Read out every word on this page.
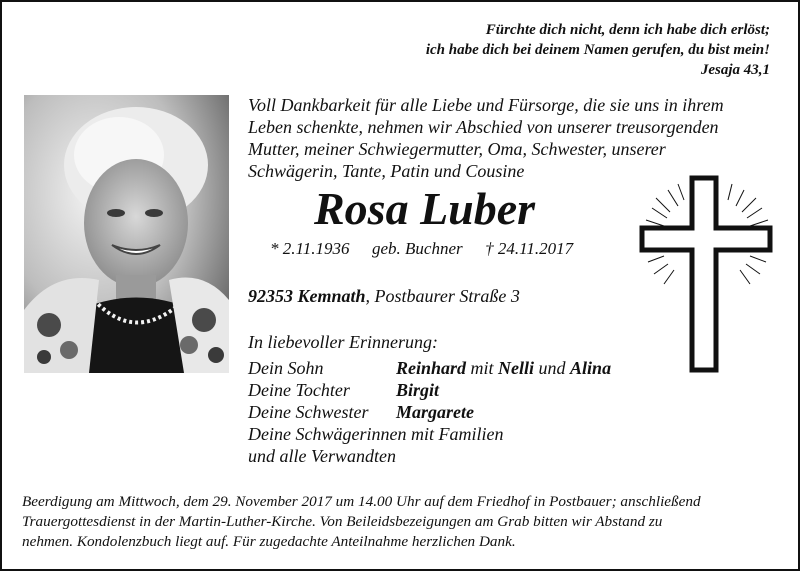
Fürchte dich nicht, denn ich habe dich erlöst;
ich habe dich bei deinem Namen gerufen, du bist mein!
Jesaja 43,1
Voll Dankbarkeit für alle Liebe und Fürsorge, die sie uns in ihrem
Leben schenkte, nehmen wir Abschied von unserer treusorgenden
Mutter, meiner Schwiegermutter, Oma, Schwester, unserer
Schwägerin, Tante, Patin und Cousine
Rosa Luber
* 2.11.1936 geb. Buchner † 24.11.2017
92353 Kemnath, Postbaurer Straße 3
In liebevoller Erinnerung:
Dein Sohn	Reinhard mit Nelli und Alina
Deine Tochter	Birgit
Deine Schwester	Margarete
Deine Schwägerinnen mit Familien
und alle Verwandten
Beerdigung am Mittwoch, dem 29. November 2017 um 14.00 Uhr auf dem Friedhof in Postbauer; anschließend
Trauergottesdienst in der Martin-Luther-Kirche. Von Beileidsbezeigungen am Grab bitten wir Abstand zu
nehmen. Kondolenzbuch liegt auf. Für zugedachte Anteilnahme herzlichen Dank.
